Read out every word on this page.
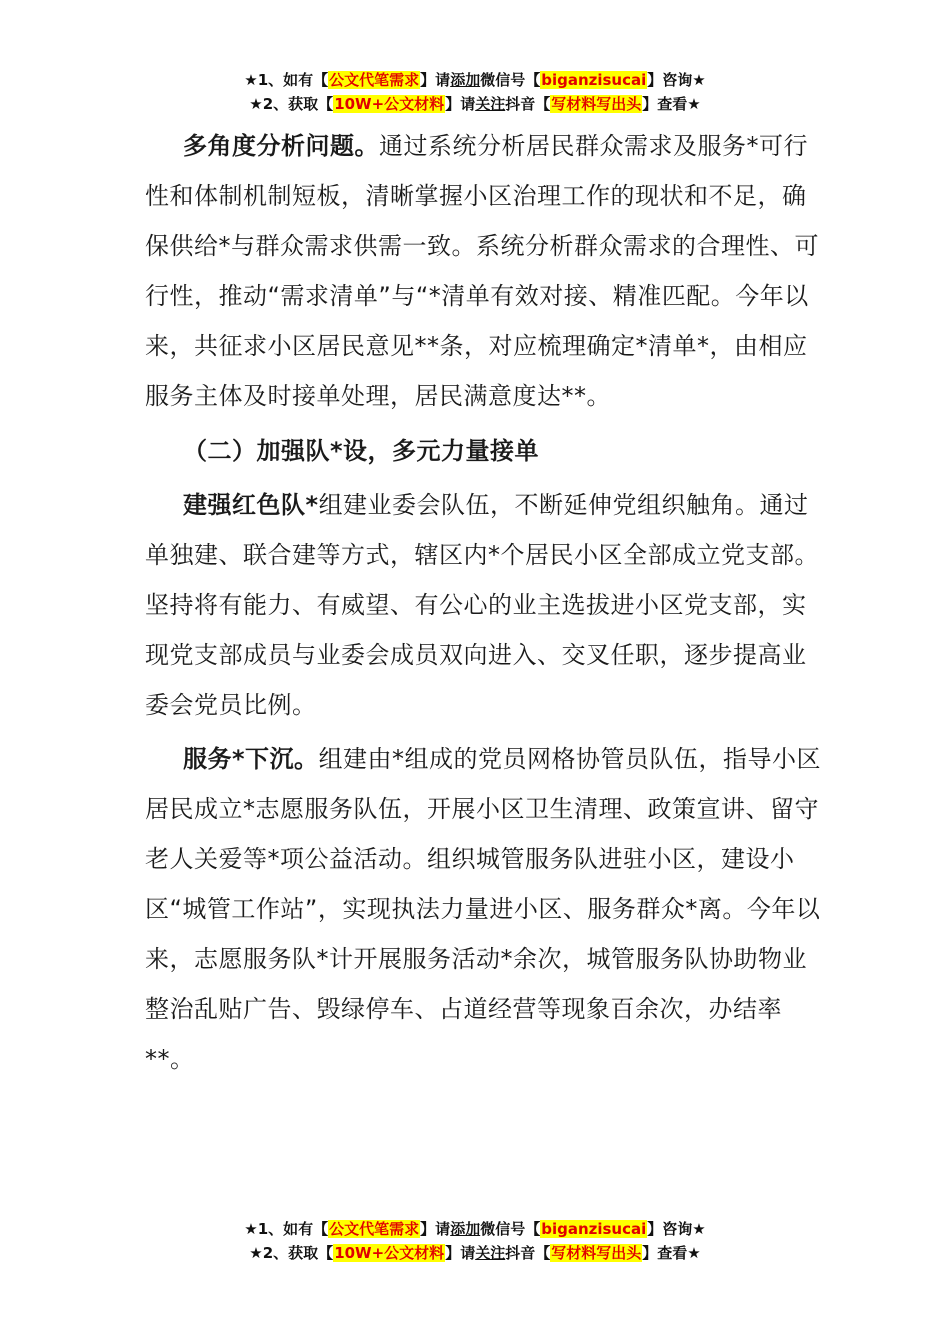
★1、如有【公文代笔需求】请添加微信号【biganzisucai】咨询★
★2、获取【10W+公文材料】请关注抖音【写材料写出头】查看★

多角度分析问题。通过系统分析居民群众需求及服务*可行性和体制机制短板，清晰掌握小区治理工作的现状和不足，确保供给*与群众需求供需一致。系统分析群众需求的合理性、可行性，推动“需求清单”与“*清单有效对接、精准匹配。今年以来，共征求小区居民意见**条，对应梳理确定*清单*，由相应服务主体及时接单处理，居民满意度达**。

（二）加强队*设，多元力量接单

建强红色队*组建业委会队伍，不断延伸党组织触角。通过单独建、联合建等方式，辖区内*个居民小区全部成立党支部。坚持将有能力、有威望、有公心的业主选拔进小区党支部，实现党支部成员与业委会成员双向进入、交叉任职，逐步提高业委会党员比例。

服务*下沉。组建由*组成的党员网格协管员队伍，指导小区居民成立*志愿服务队伍，开展小区卫生清理、政策宣讲、留守老人关爱等*项公益活动。组织城管服务队进驻小区，建设小区“城管工作站”，实现执法力量进小区、服务群众*离。今年以来，志愿服务队*计开展服务活动*余次，城管服务队协助物业整治乱贴广告、毁绿停车、占道经营等现象百余次，办结率**。

★1、如有【公文代笔需求】请添加微信号【biganzisucai】咨询★
★2、获取【10W+公文材料】请关注抖音【写材料写出头】查看★
